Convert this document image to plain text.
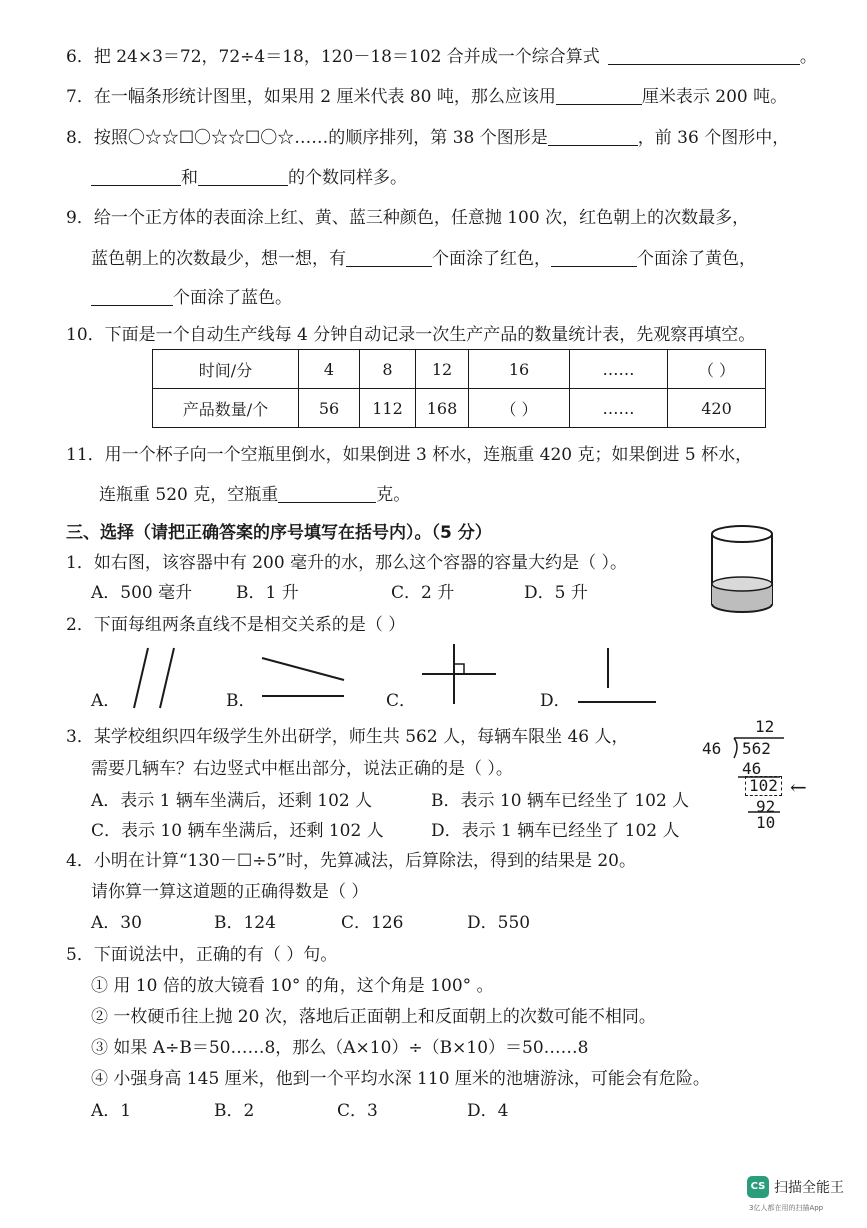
6．把 24×3＝72，72÷4＝18，120－18＝102 合并成一个综合算式	。
7．在一幅条形统计图里，如果用 2 厘米代表 80 吨，那么应该用	厘米表示 200 吨。
8．按照〇☆☆☐〇☆☆☐〇☆……的顺序排列，第 38 个图形是	，前 36 个图形中，
和	的个数同样多。
9．给一个正方体的表面涂上红、黄、蓝三种颜色，任意抛 100 次，红色朝上的次数最多，
蓝色朝上的次数最少，想一想，有	个面涂了红色，	个面涂了黄色，
个面涂了蓝色。
10．下面是一个自动生产线每 4 分钟自动记录一次生产产品的数量统计表，先观察再填空。
时间/分	4	8	12	16	……	（ ）
产品数量/个	56	112	168	（ ）	……	420
11．用一个杯子向一个空瓶里倒水，如果倒进 3 杯水，连瓶重 420 克；如果倒进 5 杯水，
连瓶重 520 克，空瓶重	克。
三、选择（请把正确答案的序号填写在括号内）。（5 分）
1．如右图，该容器中有 200 毫升的水，那么这个容器的容量大约是（ ）。
A．500 毫升	B．1 升	C．2 升	D．5 升
2．下面每组两条直线不是相交关系的是（ ）
A．	B．	C．	D．
3．某学校组织四年级学生外出研学，师生共 562 人，每辆车限坐 46 人，
需要几辆车？右边竖式中框出部分，说法正确的是（ ）。
A．表示 1 辆车坐满后，还剩 102 人	B．表示 10 辆车已经坐了 102 人
C．表示 10 辆车坐满后，还剩 102 人	D．表示 1 辆车已经坐了 102 人
12
46 562
46
102
92
10
←
4．小明在计算“130－☐÷5”时，先算减法，后算除法，得到的结果是 20。
请你算一算这道题的正确得数是（ ）
A．30	B．124	C．126	D．550
5．下面说法中，正确的有（ ）句。
① 用 10 倍的放大镜看 10° 的角，这个角是 100° 。
② 一枚硬币往上抛 20 次，落地后正面朝上和反面朝上的次数可能不相同。
③ 如果 A÷B＝50……8，那么（A×10）÷（B×10）＝50……8
④ 小强身高 145 厘米，他到一个平均水深 110 厘米的池塘游泳，可能会有危险。
A．1	B．2	C．3	D．4
CS 扫描全能王
3亿人都在用的扫描App
